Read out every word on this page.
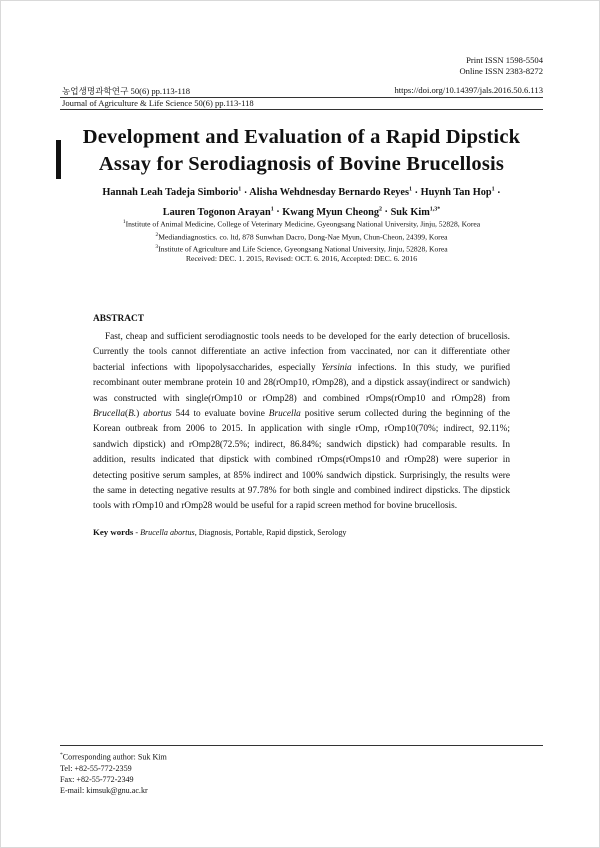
Print ISSN 1598-5504
Online ISSN 2383-8272
농업생명과학연구 50(6) pp.113-118	https://doi.org/10.14397/jals.2016.50.6.113
Journal of Agriculture & Life Science 50(6) pp.113-118
Development and Evaluation of a Rapid Dipstick
Assay for Serodiagnosis of Bovine Brucellosis
Hannah Leah Tadeja Simborio$^1$ · Alisha Wehdnesday Bernardo Reyes$^1$ · Huynh Tan Hop$^1$ ·
Lauren Togonon Arayan$^1$ · Kwang Myun Cheong$^2$ · Suk Kim$^{1,3*}$
$^1$Institute of Animal Medicine, College of Veterinary Medicine, Gyeongsang National University, Jinju, 52828, Korea
$^2$Mediandiagnostics. co. ltd, 878 Sunwhan Dacro, Dong-Nae Myun, Chun-Cheon, 24399, Korea
$^3$Institute of Agriculture and Life Science, Gyeongsang National University, Jinju, 52828, Korea
Received: DEC. 1. 2015, Revised: OCT. 6. 2016, Accepted: DEC. 6. 2016
ABSTRACT

Fast, cheap and sufficient serodiagnostic tools needs to be developed for the early detection of brucellosis. Currently the tools cannot differentiate an active infection from vaccinated, nor can it differentiate other bacterial infections with lipopolysaccharides, especially Yersinia infections. In this study, we purified recombinant outer membrane protein 10 and 28(rOmp10, rOmp28), and a dipstick assay(indirect or sandwich) was constructed with single(rOmp10 or rOmp28) and combined rOmps(rOmp10 and rOmp28) from Brucella(B.) abortus 544 to evaluate bovine Brucella positive serum collected during the beginning of the Korean outbreak from 2006 to 2015. In application with single rOmp, rOmp10(70%; indirect, 92.11%; sandwich dipstick) and rOmp28(72.5%; indirect, 86.84%; sandwich dipstick) had comparable results. In addition, results indicated that dipstick with combined rOmps(rOmps10 and rOmp28) were superior in detecting positive serum samples, at 85% indirect and 100% sandwich dipstick. Surprisingly, the results were the same in detecting negative results at 97.78% for both single and combined indirect dipsticks. The dipstick tools with rOmp10 and rOmp28 would be useful for a rapid screen method for bovine brucellosis.

Key words - Brucella abortus, Diagnosis, Portable, Rapid dipstick, Serology
*Corresponding author: Suk Kim
Tel: +82-55-772-2359
Fax: +82-55-772-2349
E-mail: kimsuk@gnu.ac.kr
